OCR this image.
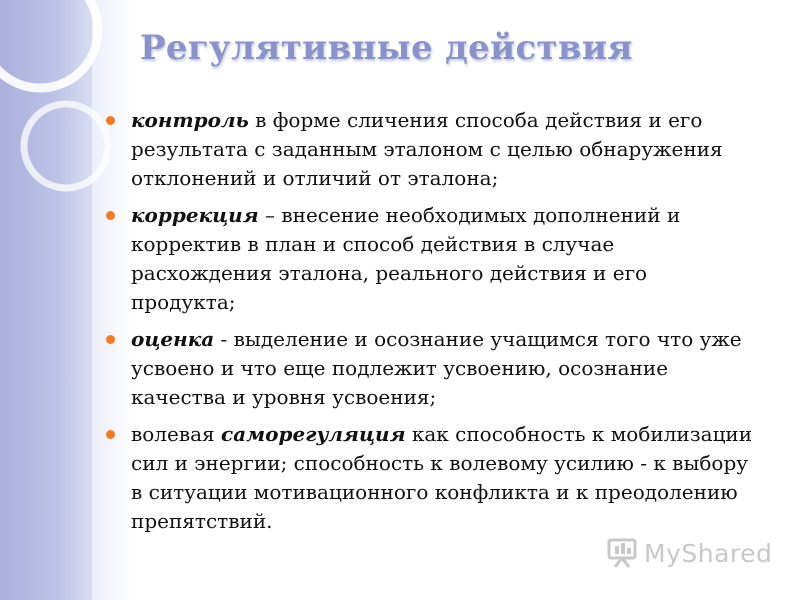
Регулятивные действия
контроль в форме сличения способа действия и его результата с заданным эталоном с целью обнаружения отклонений и отличий от эталона;
коррекция – внесение необходимых дополнений и корректив в план и способ действия в случае расхождения эталона, реального действия и его продукта;
оценка - выделение и осознание учащимся того что уже усвоено и что еще подлежит усвоению, осознание качества и уровня усвоения;
волевая саморегуляция как способность к мобилизации сил и энергии; способность к волевому усилию - к выбору в ситуации мотивационного конфликта и к преодолению препятствий.
MyShared
